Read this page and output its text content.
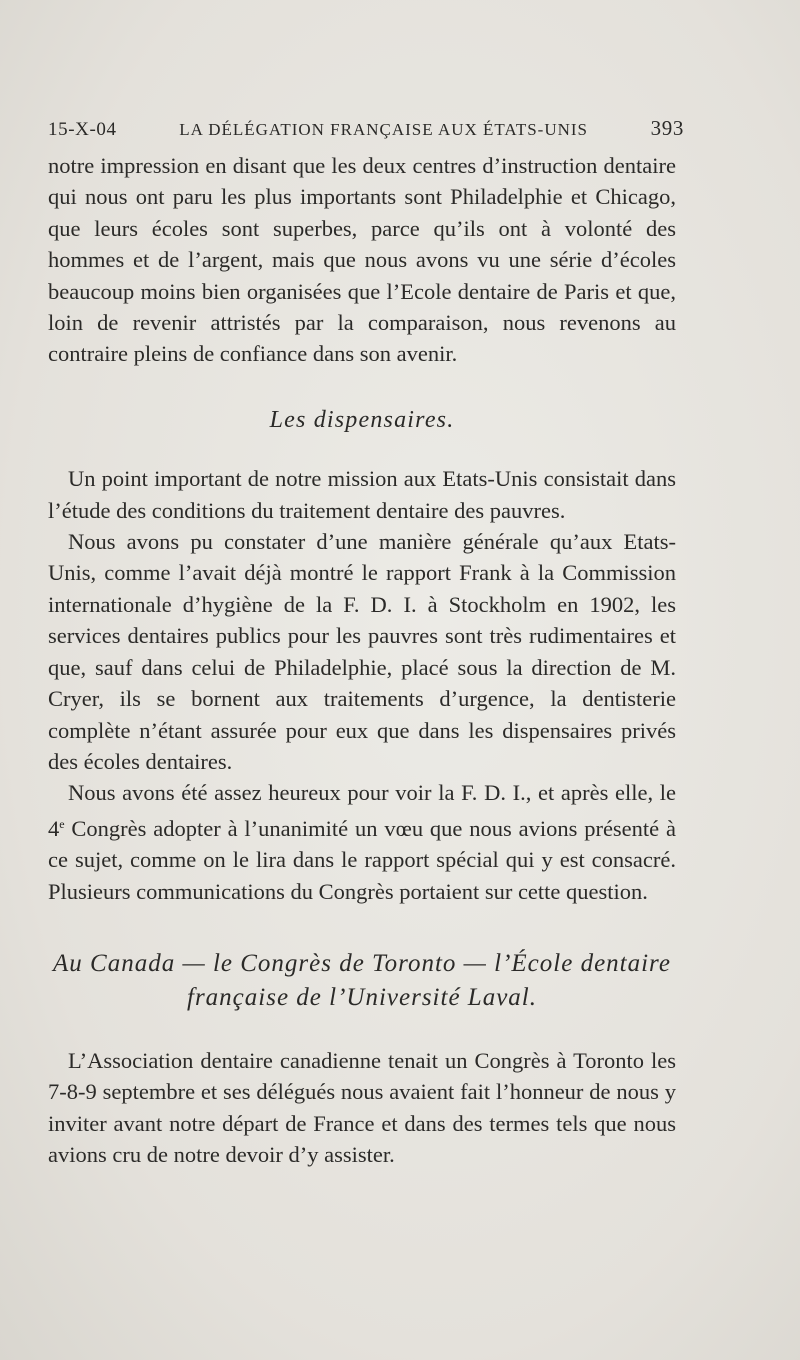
15-X-04	LA DÉLÉGATION FRANÇAISE AUX ÉTATS-UNIS	393

notre impression en disant que les deux centres d’instruction dentaire qui nous ont paru les plus importants sont Philadelphie et Chicago, que leurs écoles sont superbes, parce qu’ils ont à volonté des hommes et de l’argent, mais que nous avons vu une série d’écoles beaucoup moins bien organisées que l’Ecole dentaire de Paris et que, loin de revenir attristés par la comparaison, nous revenons au contraire pleins de confiance dans son avenir.

Les dispensaires.

Un point important de notre mission aux Etats-Unis consistait dans l’étude des conditions du traitement dentaire des pauvres.

Nous avons pu constater d’une manière générale qu’aux Etats-Unis, comme l’avait déjà montré le rapport Frank à la Commission internationale d’hygiène de la F. D. I. à Stockholm en 1902, les services dentaires publics pour les pauvres sont très rudimentaires et que, sauf dans celui de Philadelphie, placé sous la direction de M. Cryer, ils se bornent aux traitements d’urgence, la dentisterie complète n’étant assurée pour eux que dans les dispensaires privés des écoles dentaires.

Nous avons été assez heureux pour voir la F. D. I., et après elle, le 4e Congrès adopter à l’unanimité un vœu que nous avions présenté à ce sujet, comme on le lira dans le rapport spécial qui y est consacré. Plusieurs communications du Congrès portaient sur cette question.

Au Canada — le Congrès de Toronto — l’École dentaire française de l’Université Laval.

L’Association dentaire canadienne tenait un Congrès à Toronto les 7-8-9 septembre et ses délégués nous avaient fait l’honneur de nous y inviter avant notre départ de France et dans des termes tels que nous avions cru de notre devoir d’y assister.
